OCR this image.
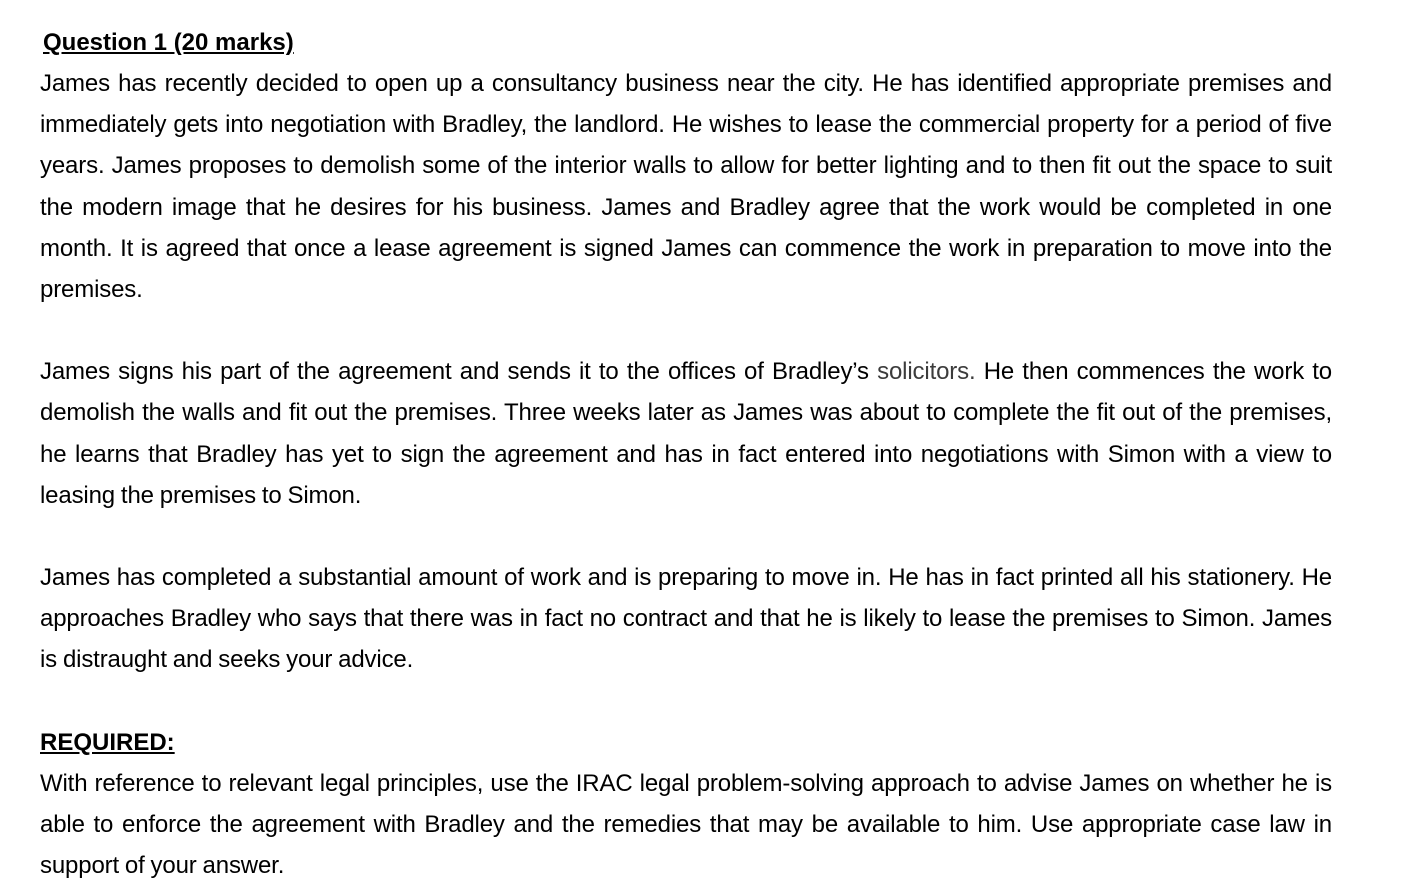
Question 1 (20 marks)

James has recently decided to open up a consultancy business near the city. He has identified appropriate premises and immediately gets into negotiation with Bradley, the landlord. He wishes to lease the commercial property for a period of five years. James proposes to demolish some of the interior walls to allow for better lighting and to then fit out the space to suit the modern image that he desires for his business. James and Bradley agree that the work would be completed in one month. It is agreed that once a lease agreement is signed James can commence the work in preparation to move into the premises.

James signs his part of the agreement and sends it to the offices of Bradley’s solicitors. He then commences the work to demolish the walls and fit out the premises. Three weeks later as James was about to complete the fit out of the premises, he learns that Bradley has yet to sign the agreement and has in fact entered into negotiations with Simon with a view to leasing the premises to Simon.

James has completed a substantial amount of work and is preparing to move in. He has in fact printed all his stationery. He approaches Bradley who says that there was in fact no contract and that he is likely to lease the premises to Simon. James is distraught and seeks your advice.

REQUIRED:

With reference to relevant legal principles, use the IRAC legal problem-solving approach to advise James on whether he is able to enforce the agreement with Bradley and the remedies that may be available to him. Use appropriate case law in support of your answer.
